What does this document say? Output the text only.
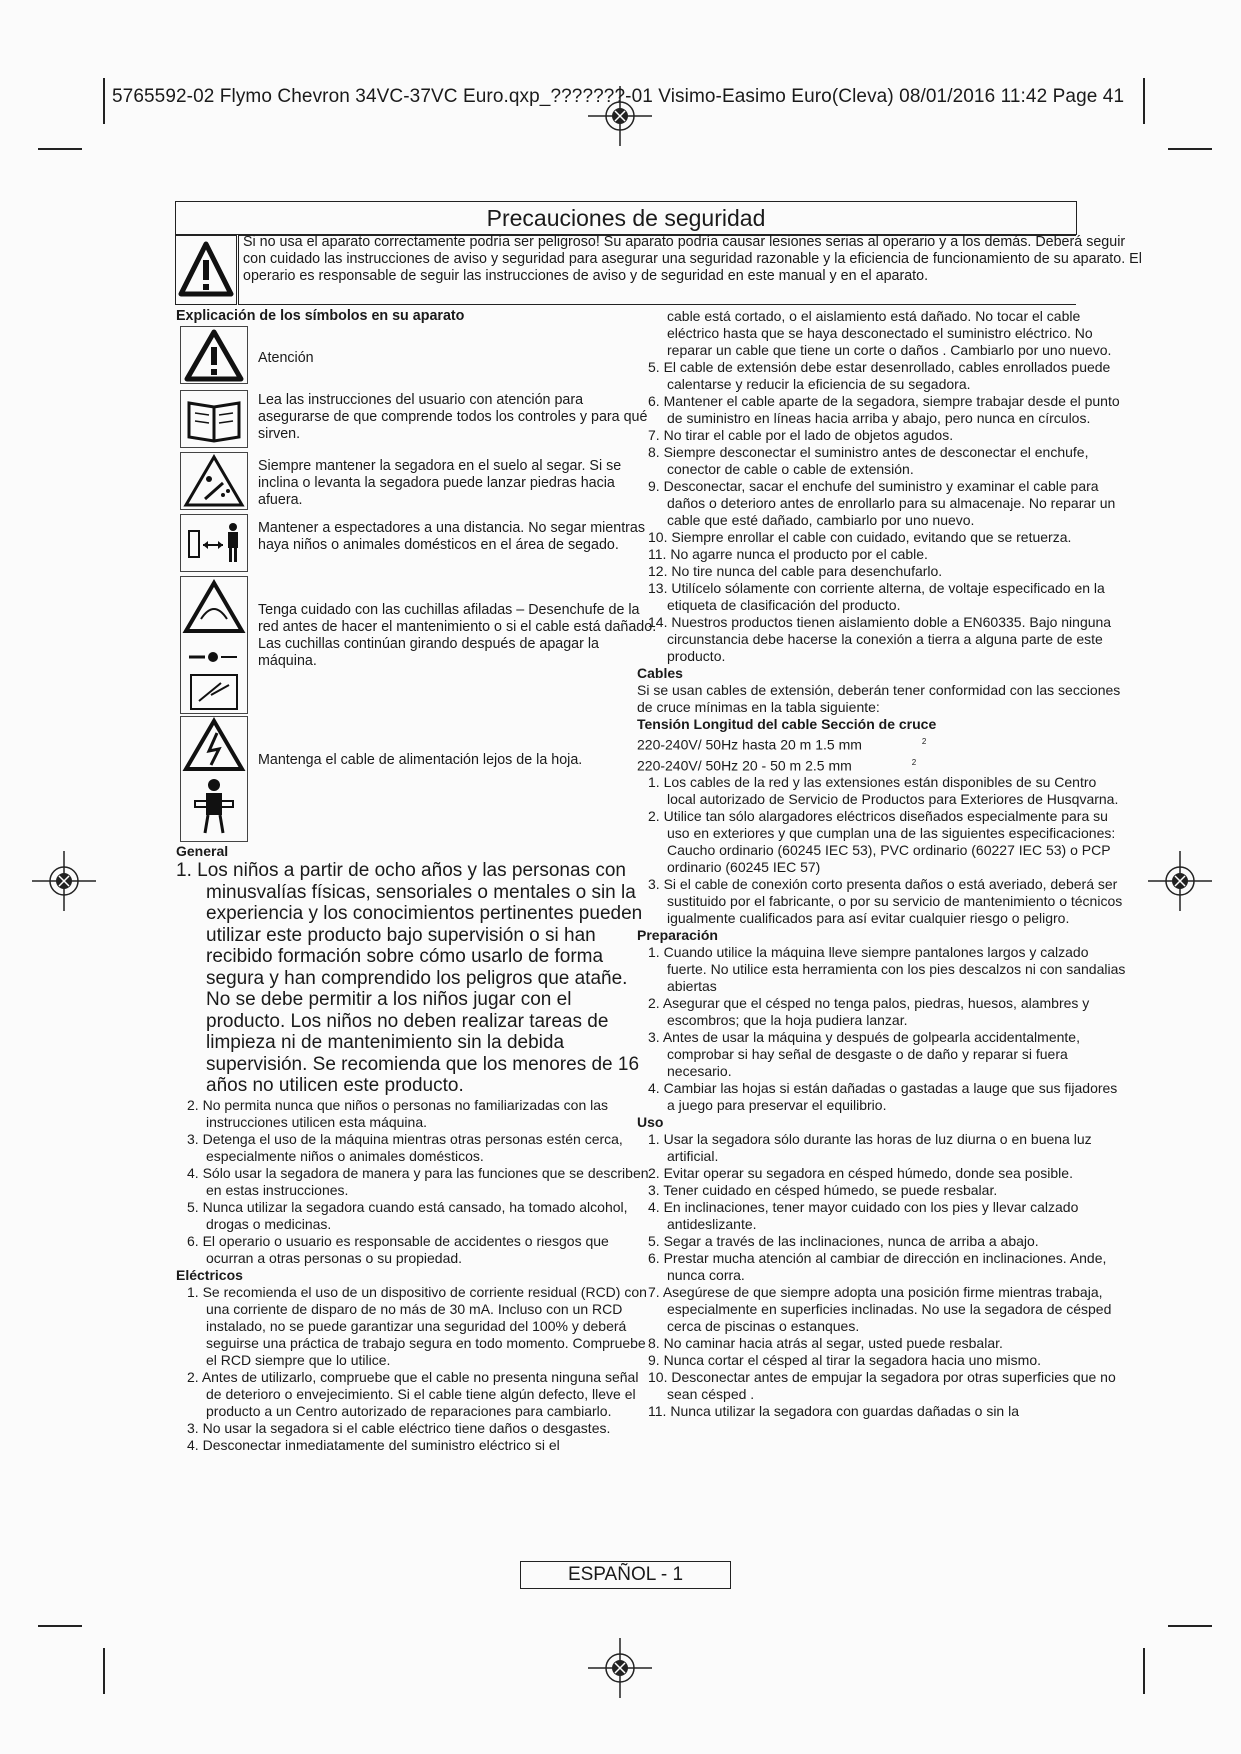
5765592-02 Flymo Chevron 34VC-37VC Euro.qxp_???????-01 Visimo-Easimo Euro(Cleva) 08/01/2016 11:42 Page 41
Precauciones de seguridad
Si no usa el aparato correctamente podría ser peligroso! Su aparato podría causar lesiones serias al operario y a los demás. Deberá seguir con cuidado las instrucciones de aviso y seguridad para asegurar una seguridad razonable y la eficiencia de funcionamiento de su aparato. El operario es responsable de seguir las instrucciones de aviso y de seguridad en este manual y en el aparato.
Explicación de los símbolos en su aparato
Atención
Lea las instrucciones del usuario con atención para asegurarse de que comprende todos los controles y para qué sirven.
Siempre mantener la segadora en el suelo al segar. Si se inclina o levanta la segadora puede lanzar piedras hacia afuera.
Mantener a espectadores a una distancia. No segar mientras haya niños o animales domésticos en el área de segado.
Tenga cuidado con las cuchillas afiladas – Desenchufe de la red antes de hacer el mantenimiento o si el cable está dañado. Las cuchillas continúan girando después de apagar la máquina.
Mantenga el cable de alimentación lejos de la hoja.
General

1. Los niños a partir de ocho años y las personas con minusvalías físicas, sensoriales o mentales o sin la experiencia y los conocimientos pertinentes pueden utilizar este producto bajo supervisión o si han recibido formación sobre cómo usarlo de forma segura y han comprendido los peligros que atañe. No se debe permitir a los niños jugar con el producto. Los niños no deben realizar tareas de limpieza ni de mantenimiento sin la debida supervisión. Se recomienda que los menores de 16 años no utilicen este producto.

2. No permita nunca que niños o personas no familiarizadas con las instrucciones utilicen esta máquina.

3. Detenga el uso de la máquina mientras otras personas estén cerca, especialmente niños o animales domésticos.

4. Sólo usar la segadora de manera y para las funciones que se describen en estas instrucciones.

5. Nunca utilizar la segadora cuando está cansado, ha tomado alcohol, drogas o medicinas.

6. El operario o usuario es responsable de accidentes o riesgos que ocurran a otras personas o su propiedad.

Eléctricos

1. Se recomienda el uso de un dispositivo de corriente residual (RCD) con una corriente de disparo de no más de 30 mA. Incluso con un RCD instalado, no se puede garantizar una seguridad del 100% y deberá seguirse una práctica de trabajo segura en todo momento. Compruebe el RCD siempre que lo utilice.

2. Antes de utilizarlo, compruebe que el cable no presenta ninguna señal de deterioro o envejecimiento. Si el cable tiene algún defecto, lleve el producto a un Centro autorizado de reparaciones para cambiarlo.

3. No usar la segadora si el cable eléctrico tiene daños o desgastes.

4. Desconectar inmediatamente del suministro eléctrico si el

cable está cortado, o el aislamiento está dañado. No tocar el cable eléctrico hasta que se haya desconectado el suministro eléctrico. No reparar un cable que tiene un corte o daños . Cambiarlo por uno nuevo.

5. El cable de extensión debe estar desenrollado, cables enrollados puede calentarse y reducir la eficiencia de su segadora.

6. Mantener el cable aparte de la segadora, siempre trabajar desde el punto de suministro en líneas hacia arriba y abajo, pero nunca en círculos.

7. No tirar el cable por el lado de objetos agudos.

8. Siempre desconectar el suministro antes de desconectar el enchufe, conector de cable o cable de extensión.

9. Desconectar, sacar el enchufe del suministro y examinar el cable para daños o deterioro antes de enrollarlo para su almacenaje. No reparar un cable que esté dañado, cambiarlo por uno nuevo.

10. Siempre enrollar el cable con cuidado, evitando que se retuerza.

11. No agarre nunca el producto por el cable.

12. No tire nunca del cable para desenchufarlo.

13. Utilícelo sólamente con corriente alterna, de voltaje especificado en la etiqueta de clasificación del producto.

14. Nuestros productos tienen aislamiento doble a EN60335. Bajo ninguna circunstancia debe hacerse la conexión a tierra a alguna parte de este producto.

Cables

Si se usan cables de extensión, deberán tener conformidad con las secciones de cruce mínimas en la tabla siguiente:

Tensión Longitud del cable Sección de cruce
220-240V/ 50Hz hasta 20 m 1.5 mm	$^2$
220-240V/ 50Hz 20 - 50 m 2.5 mm	$^2$

1. Los cables de la red y las extensiones están disponibles de su Centro local autorizado de Servicio de Productos para Exteriores de Husqvarna.

2. Utilice tan sólo alargadores eléctricos diseñados especialmente para su uso en exteriores y que cumplan una de las siguientes especificaciones: Caucho ordinario (60245 IEC 53), PVC ordinario (60227 IEC 53) o PCP ordinario (60245 IEC 57)

3. Si el cable de conexión corto presenta daños o está averiado, deberá ser sustituido por el fabricante, o por su servicio de mantenimiento o técnicos igualmente cualificados para así evitar cualquier riesgo o peligro.

Preparación

1. Cuando utilice la máquina lleve siempre pantalones largos y calzado fuerte. No utilice esta herramienta con los pies descalzos ni con sandalias abiertas

2. Asegurar que el césped no tenga palos, piedras, huesos, alambres y escombros; que la hoja pudiera lanzar.

3. Antes de usar la máquina y después de golpearla accidentalmente, comprobar si hay señal de desgaste o de daño y reparar si fuera necesario.

4. Cambiar las hojas si están dañadas o gastadas a lauge que sus fijadores a juego para preservar el equilibrio.

Uso

1. Usar la segadora sólo durante las horas de luz diurna o en buena luz artificial.

2. Evitar operar su segadora en césped húmedo, donde sea posible.

3. Tener cuidado en césped húmedo, se puede resbalar.

4. En inclinaciones, tener mayor cuidado con los pies y llevar calzado antideslizante.

5. Segar a través de las inclinaciones, nunca de arriba a abajo.

6. Prestar mucha atención al cambiar de dirección en inclinaciones. Ande, nunca corra.

7. Asegúrese de que siempre adopta una posición firme mientras trabaja, especialmente en superficies inclinadas. No use la segadora de césped cerca de piscinas o estanques.

8. No caminar hacia atrás al segar, usted puede resbalar.

9. Nunca cortar el césped al tirar la segadora hacia uno mismo.

10. Desconectar antes de empujar la segadora por otras superficies que no sean césped .

11. Nunca utilizar la segadora con guardas dañadas o sin la

ESPAÑOL - 1
